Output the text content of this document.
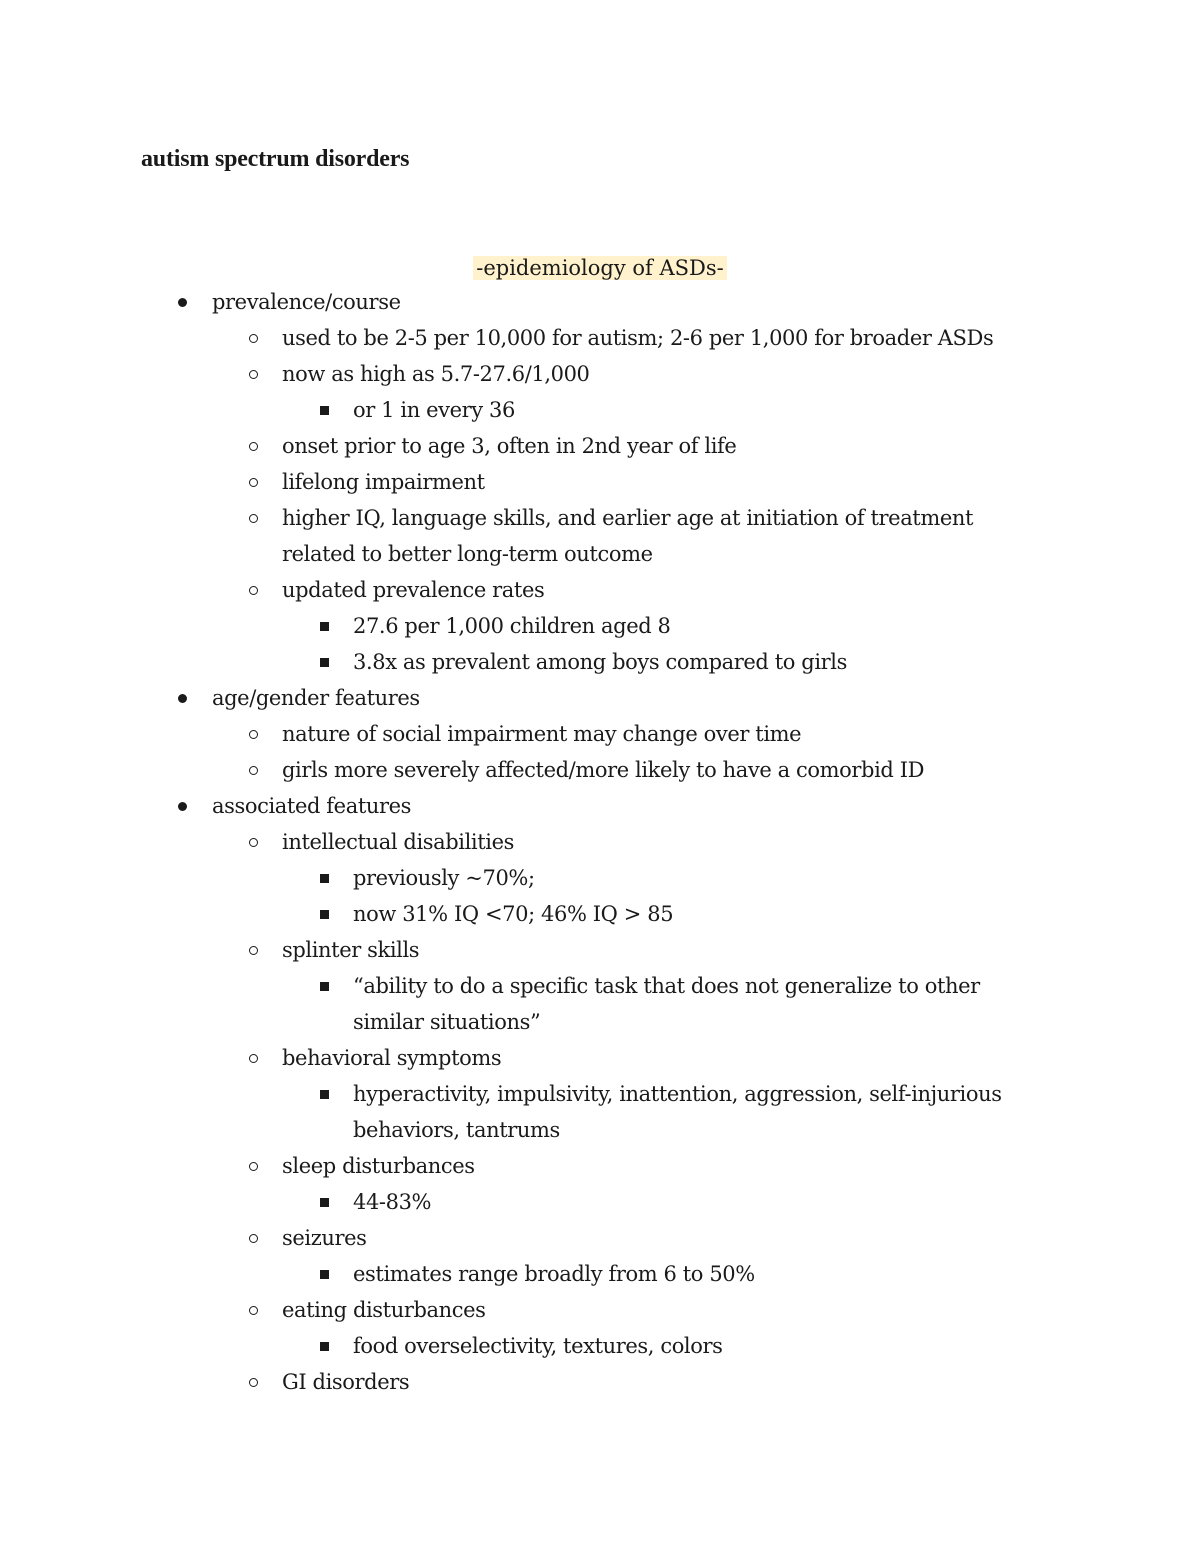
autism spectrum disorders
-epidemiology of ASDs-
prevalence/course
used to be 2-5 per 10,000 for autism; 2-6 per 1,000 for broader ASDs
now as high as 5.7-27.6/1,000
or 1 in every 36
onset prior to age 3, often in 2nd year of life
lifelong impairment
higher IQ, language skills, and earlier age at initiation of treatment related to better long-term outcome
updated prevalence rates
27.6 per 1,000 children aged 8
3.8x as prevalent among boys compared to girls
age/gender features
nature of social impairment may change over time
girls more severely affected/more likely to have a comorbid ID
associated features
intellectual disabilities
previously ~70%;
now 31% IQ <70; 46% IQ > 85
splinter skills
“ability to do a specific task that does not generalize to other similar situations”
behavioral symptoms
hyperactivity, impulsivity, inattention, aggression, self-injurious behaviors, tantrums
sleep disturbances
44-83%
seizures
estimates range broadly from 6 to 50%
eating disturbances
food overselectivity, textures, colors
GI disorders
